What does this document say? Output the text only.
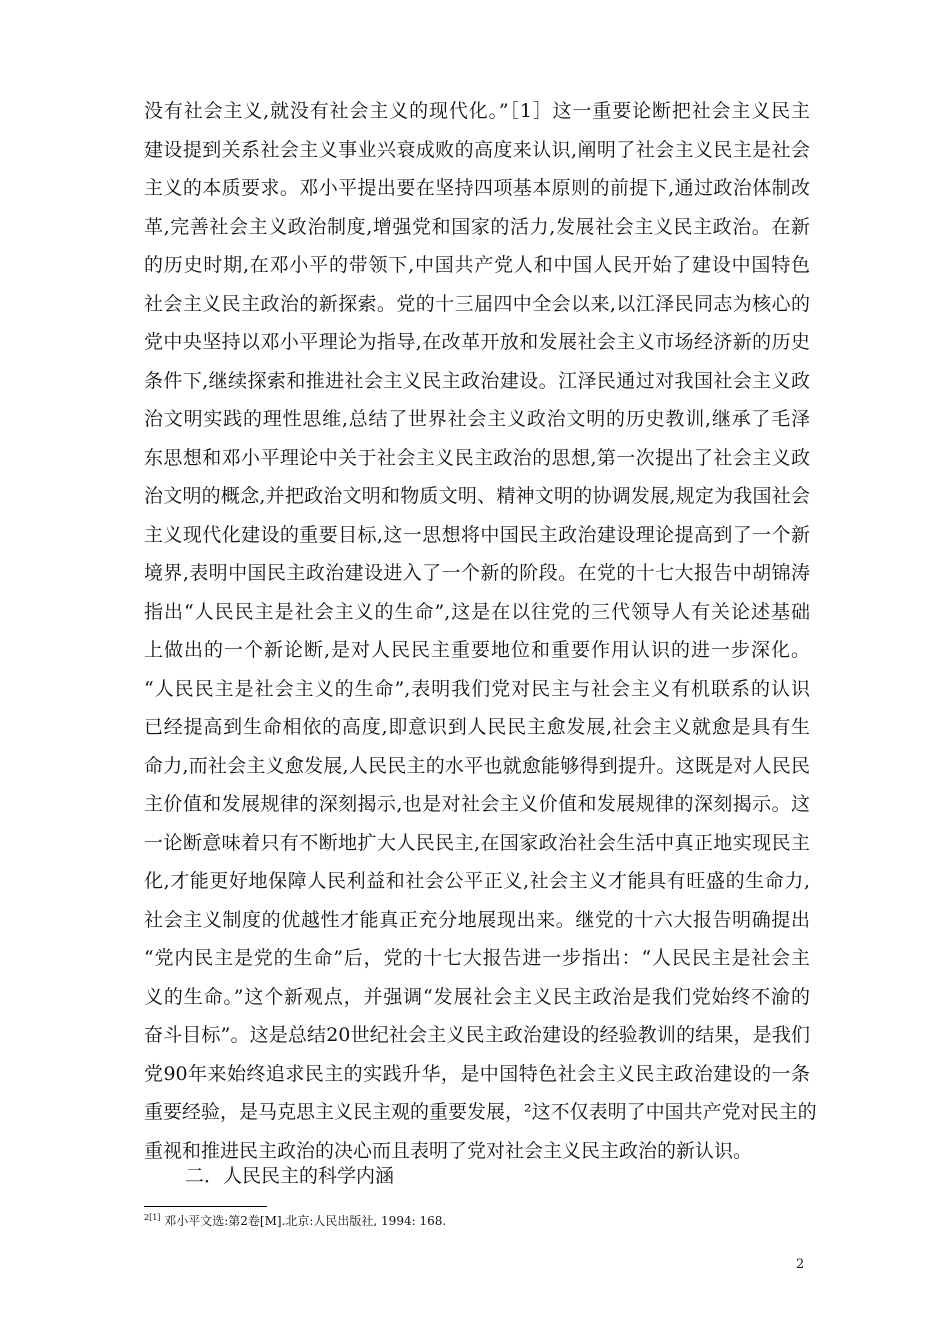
没有社会主义,就没有社会主义的现代化。”［1］这一重要论断把社会主义民主
建设提到关系社会主义事业兴衰成败的高度来认识,阐明了社会主义民主是社会
主义的本质要求。邓小平提出要在坚持四项基本原则的前提下,通过政治体制改
革,完善社会主义政治制度,增强党和国家的活力,发展社会主义民主政治。在新
的历史时期,在邓小平的带领下,中国共产党人和中国人民开始了建设中国特色
社会主义民主政治的新探索。党的十三届四中全会以来,以江泽民同志为核心的
党中央坚持以邓小平理论为指导,在改革开放和发展社会主义市场经济新的历史
条件下,继续探索和推进社会主义民主政治建设。江泽民通过对我国社会主义政
治文明实践的理性思维,总结了世界社会主义政治文明的历史教训,继承了毛泽
东思想和邓小平理论中关于社会主义民主政治的思想,第一次提出了社会主义政
治文明的概念,并把政治文明和物质文明、精神文明的协调发展,规定为我国社会
主义现代化建设的重要目标,这一思想将中国民主政治建设理论提高到了一个新
境界,表明中国民主政治建设进入了一个新的阶段。在党的十七大报告中胡锦涛
指出“人民民主是社会主义的生命”,这是在以往党的三代领导人有关论述基础
上做出的一个新论断,是对人民民主重要地位和重要作用认识的进一步深化。
“人民民主是社会主义的生命”,表明我们党对民主与社会主义有机联系的认识
已经提高到生命相依的高度,即意识到人民民主愈发展,社会主义就愈是具有生
命力,而社会主义愈发展,人民民主的水平也就愈能够得到提升。这既是对人民民
主价值和发展规律的深刻揭示,也是对社会主义价值和发展规律的深刻揭示。这
一论断意味着只有不断地扩大人民民主,在国家政治社会生活中真正地实现民主
化,才能更好地保障人民利益和社会公平正义,社会主义才能具有旺盛的生命力,
社会主义制度的优越性才能真正充分地展现出来。继党的十六大报告明确提出
“党内民主是党的生命”后，党的十七大报告进一步指出：“人民民主是社会主
义的生命。”这个新观点，并强调“发展社会主义民主政治是我们党始终不渝的
奋斗目标”。这是总结20世纪社会主义民主政治建设的经验教训的结果，是我们
党90年来始终追求民主的实践升华，是中国特色社会主义民主政治建设的一条
重要经验，是马克思主义民主观的重要发展，²这不仅表明了中国共产党对民主的
重视和推进民主政治的决心而且表明了党对社会主义民主政治的新认识。
二．人民民主的科学内涵
$^{2[1]}$ 邓小平文选:第2卷[M].北京:人民出版社, 1994: 168.
2
